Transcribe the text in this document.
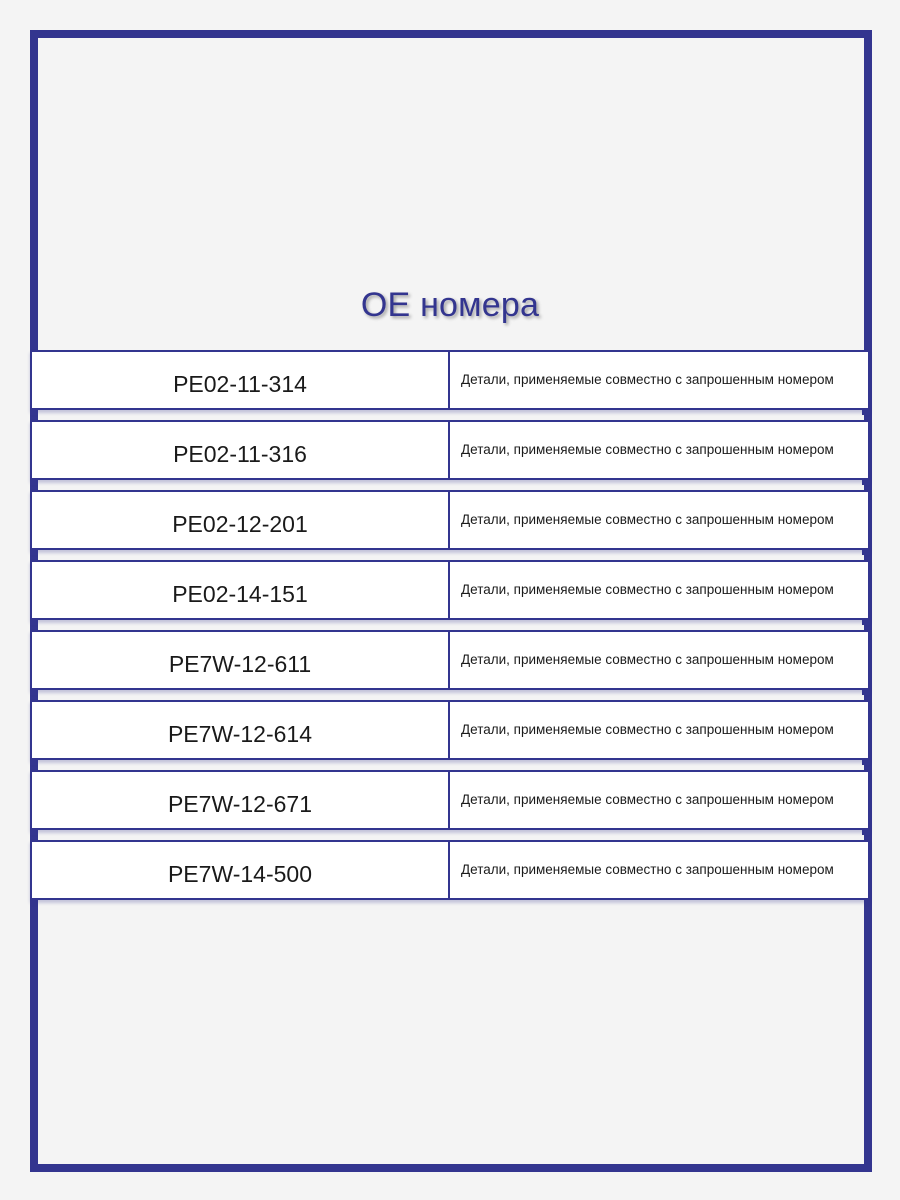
OE номера
PE02-11-314	Детали, применяемые совместно с запрошенным номером
PE02-11-316	Детали, применяемые совместно с запрошенным номером
PE02-12-201	Детали, применяемые совместно с запрошенным номером
PE02-14-151	Детали, применяемые совместно с запрошенным номером
PE7W-12-611	Детали, применяемые совместно с запрошенным номером
PE7W-12-614	Детали, применяемые совместно с запрошенным номером
PE7W-12-671	Детали, применяемые совместно с запрошенным номером
PE7W-14-500	Детали, применяемые совместно с запрошенным номером
